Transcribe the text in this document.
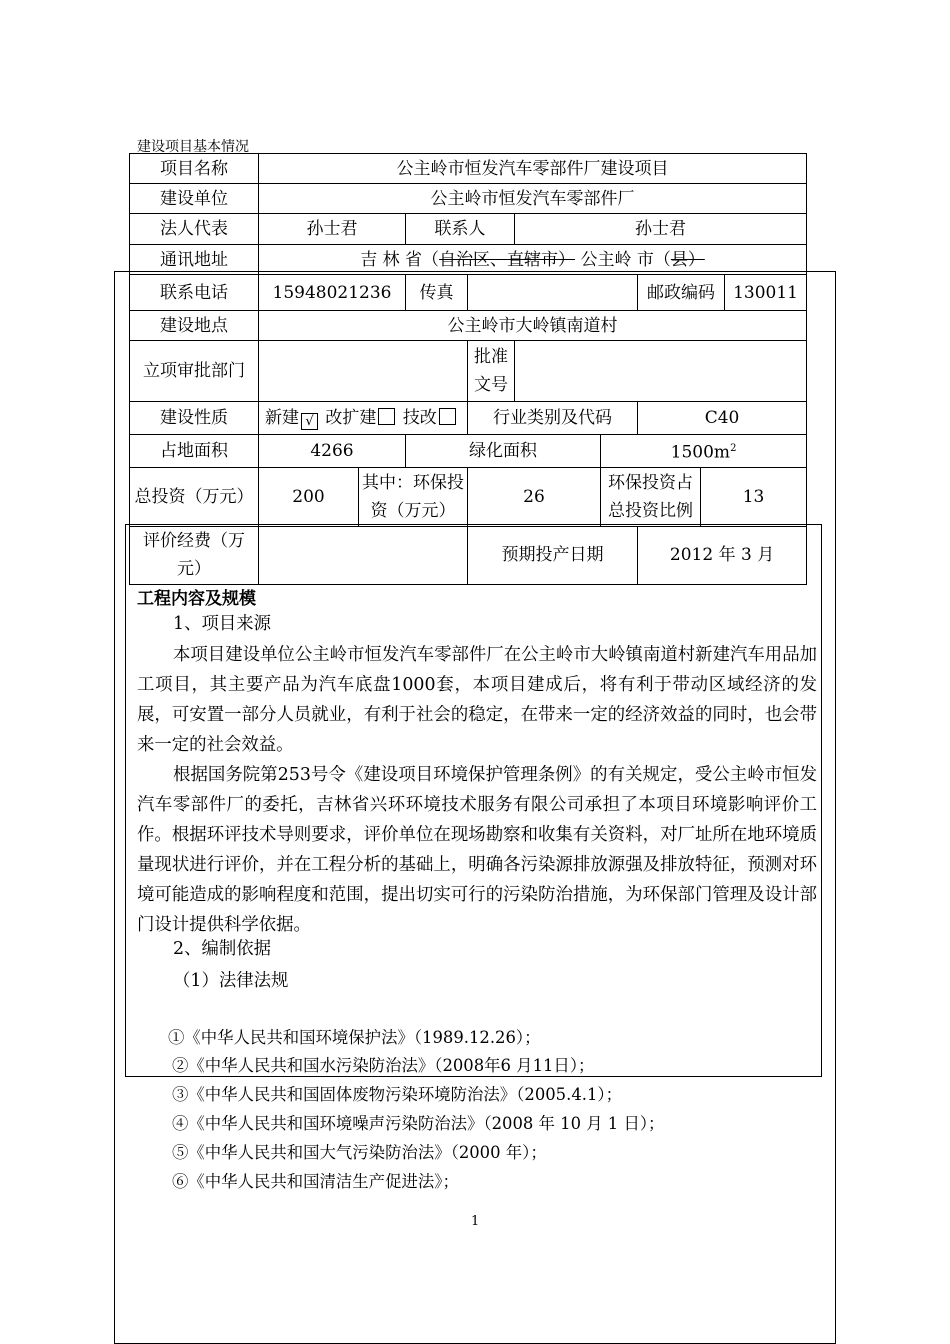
建设项目基本情况
项目名称	公主岭市恒发汽车零部件厂建设项目								
建设单位	公主岭市恒发汽车零部件厂								
法人代表	孙士君		联系人		孙士君				
通讯地址	吉 林 省（自治区、直辖市） 公主岭 市（县）								
联系电话	15948021236		传真				邮政编码		130011
建设地点	公主岭市大岭镇南道村								
立项审批部门				批准文号					
建设性质	新建 √ 改扩建 技改			行业类别及代码			C40		
占地面积	4266		绿化面积			$1500m^2$
总投资（万元）	200	其中：环保投资（万元）		26		环保投资占总投资比例		13	
评价经费（万元）				预期投产日期			2012 年 3 月		
工程内容及规模
1、项目来源
本项目建设单位公主岭市恒发汽车零部件厂在公主岭市大岭镇南道村新建汽车用品加工项目，其主要产品为汽车底盘1000套，本项目建成后，将有利于带动区域经济的发展，可安置一部分人员就业，有利于社会的稳定，在带来一定的经济效益的同时，也会带来一定的社会效益。
根据国务院第253号令《建设项目环境保护管理条例》的有关规定，受公主岭市恒发汽车零部件厂的委托，吉林省兴环环境技术服务有限公司承担了本项目环境影响评价工作。根据环评技术导则要求，评价单位在现场勘察和收集有关资料，对厂址所在地环境质量现状进行评价，并在工程分析的基础上，明确各污染源排放源强及排放特征，预测对环境可能造成的影响程度和范围，提出切实可行的污染防治措施，为环保部门管理及设计部门设计提供科学依据。
2、编制依据
（1）法律法规
①《中华人民共和国环境保护法》（1989.12.26）；
②《中华人民共和国水污染防治法》（2008年6 月11日）；
③《中华人民共和国固体废物污染环境防治法》（2005.4.1）；
④《中华人民共和国环境噪声污染防治法》（2008 年 10 月 1 日）；
⑤《中华人民共和国大气污染防治法》（2000 年）；
⑥《中华人民共和国清洁生产促进法》；
1
